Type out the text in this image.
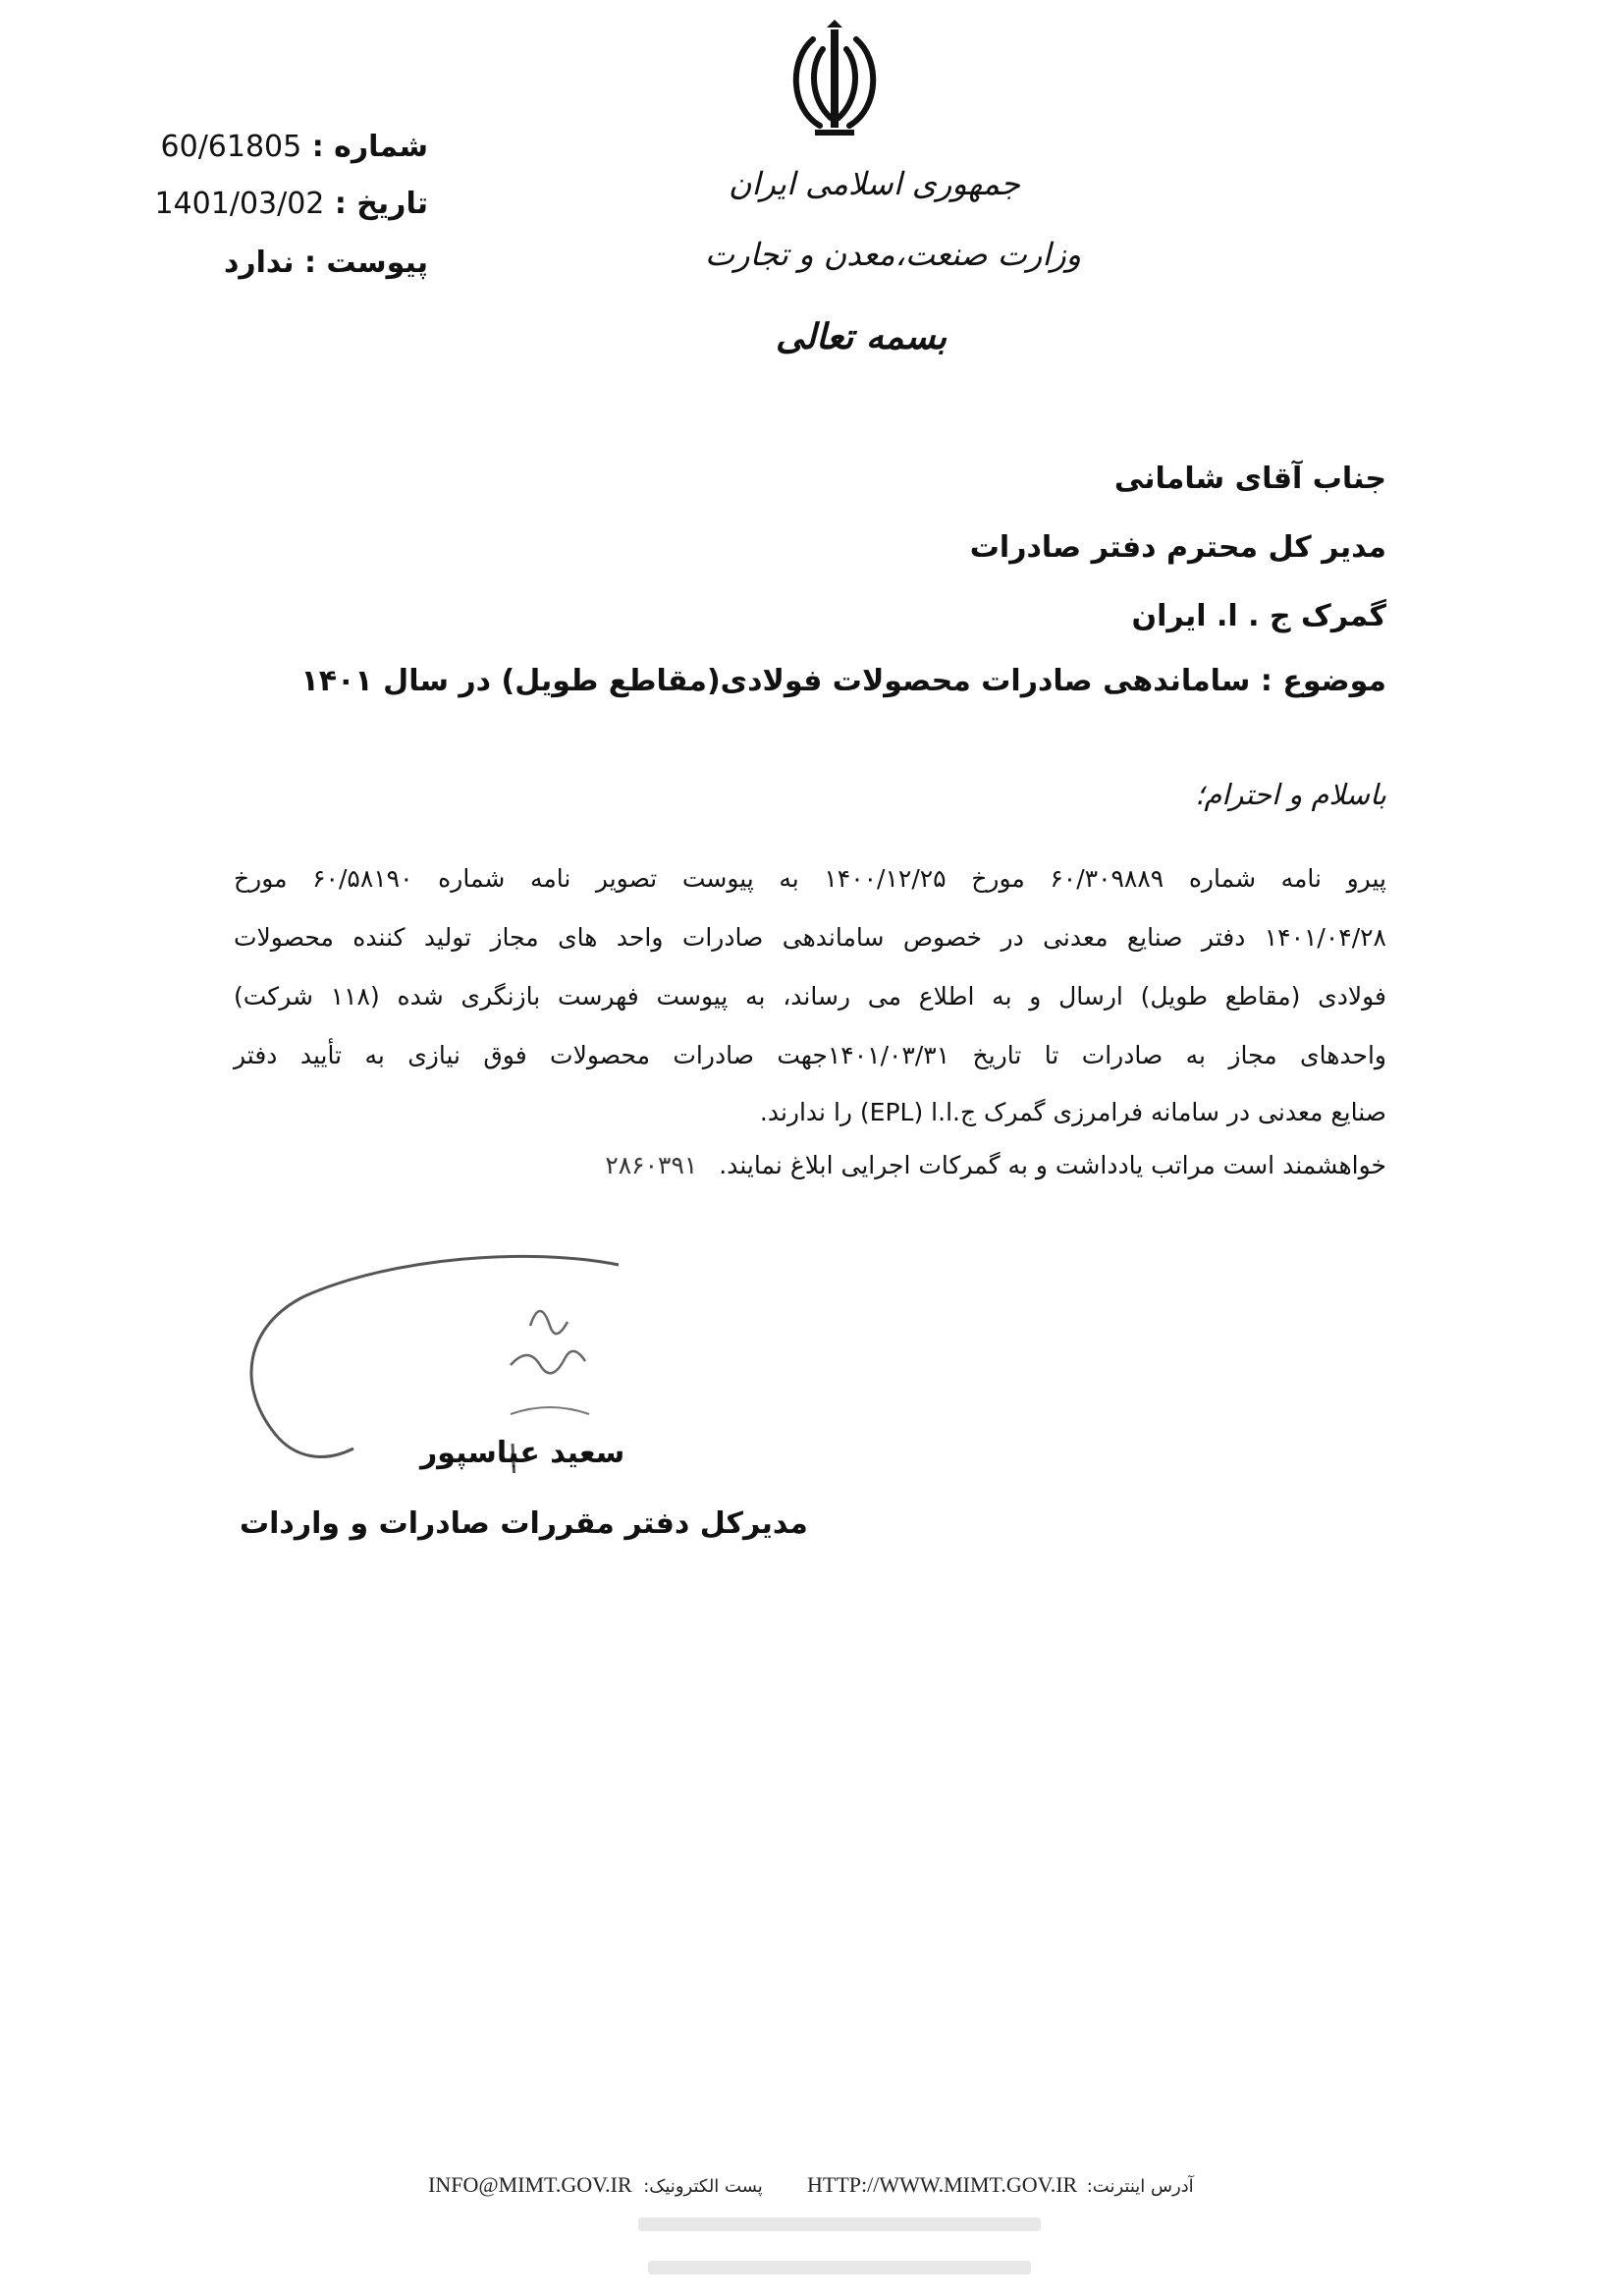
شماره : 60/61805
تاریخ : 1401/03/02
پیوست : ندارد
جمهوری اسلامی ایران
وزارت صنعت،معدن و تجارت
بسمه تعالی
جناب آقای شامانی
مدیر کل محترم دفتر صادرات
گمرک ج . ا. ایران
موضوع : ساماندهی صادرات محصولات فولادی(مقاطع طویل) در سال ۱۴۰۱
باسلام و احترام؛
پیرو نامه شماره ۶۰/۳۰۹۸۸۹ مورخ ۱۴۰۰/۱۲/۲۵ به پیوست تصویر نامه شماره ۶۰/۵۸۱۹۰ مورخ
۱۴۰۱/۰۴/۲۸ دفتر صنایع معدنی در خصوص ساماندهی صادرات واحد های مجاز تولید کننده محصولات
فولادی (مقاطع طویل) ارسال و به اطلاع می رساند، به پیوست فهرست بازنگری شده (۱۱۸ شرکت)
واحدهای مجاز به صادرات تا تاریخ ۱۴۰۱/۰۳/۳۱جهت صادرات محصولات فوق نیازی به تأیید دفتر
صنایع معدنی در سامانه فرامرزی گمرک ج.ا.ا (EPL) را ندارند.
خواهشمند است مراتب یادداشت و به گمرکات اجرایی ابلاغ نمایند. ۲۸۶۰۳۹۱
سعید عباسپور
مدیرکل دفتر مقررات صادرات و واردات
INFO@MIMT.GOV.IR :پست الکترونیک HTTP://WWW.MIMT.GOV.IR :آدرس اینترنت
